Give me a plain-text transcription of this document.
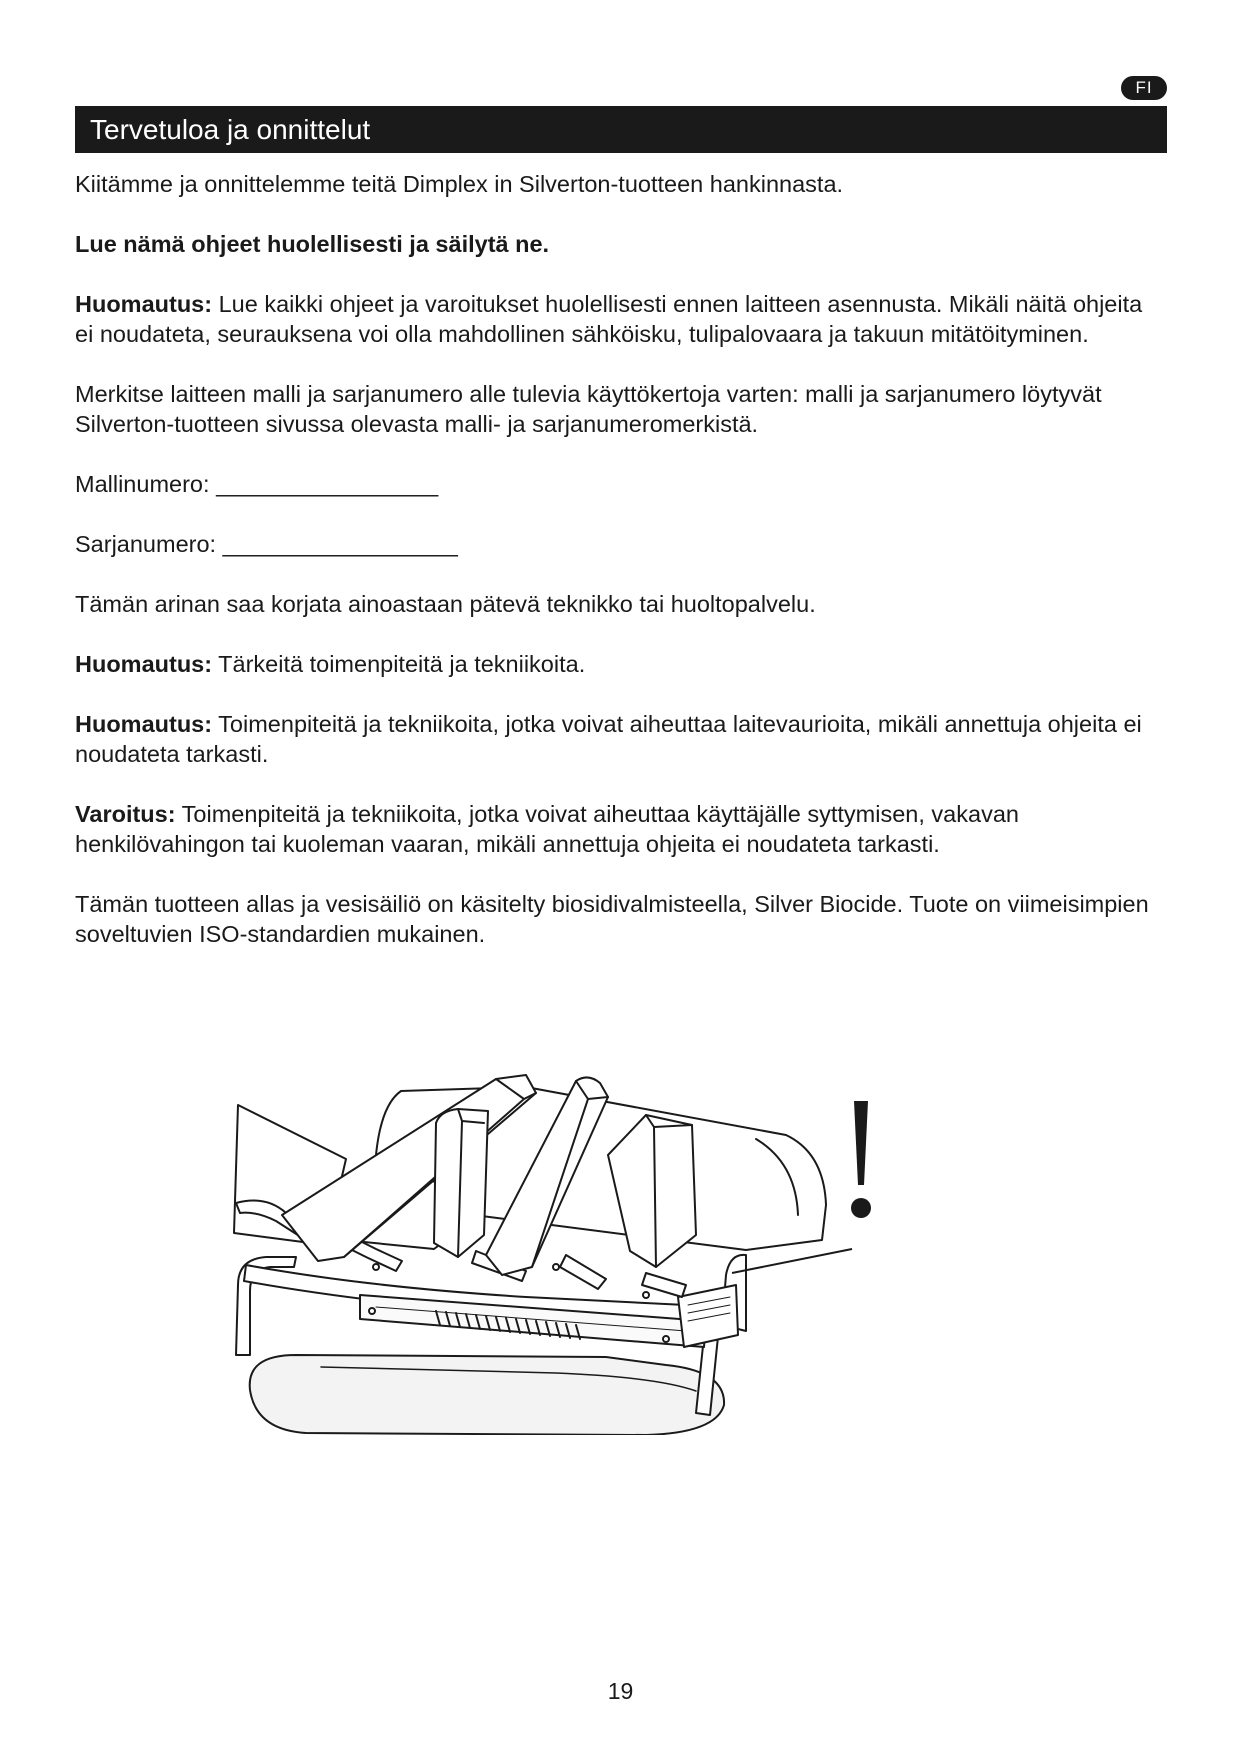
FI
Tervetuloa ja onnittelut

Kiitämme ja onnittelemme teitä Dimplex in Silverton-tuotteen hankinnasta.

Lue nämä ohjeet huolellisesti ja säilytä ne.

Huomautus: Lue kaikki ohjeet ja varoitukset huolellisesti ennen laitteen asennusta. Mikäli näitä ohjeita ei noudateta, seurauksena voi olla mahdollinen sähköisku, tulipalovaara ja takuun mitätöityminen.

Merkitse laitteen malli ja sarjanumero alle tulevia käyttökertoja varten: malli ja sarjanumero löytyvät Silverton-tuotteen sivussa olevasta malli- ja sarjanumeromerkistä.

Mallinumero: _________________

Sarjanumero: __________________

Tämän arinan saa korjata ainoastaan pätevä teknikko tai huoltopalvelu.

Huomautus: Tärkeitä toimenpiteitä ja tekniikoita.

Huomautus: Toimenpiteitä ja tekniikoita, jotka voivat aiheuttaa laitevaurioita, mikäli annettuja ohjeita ei noudateta tarkasti.

Varoitus: Toimenpiteitä ja tekniikoita, jotka voivat aiheuttaa käyttäjälle syttymisen, vakavan henkilövahingon tai kuoleman vaaran, mikäli annettuja ohjeita ei noudateta tarkasti.

Tämän tuotteen allas ja vesisäiliö on käsitelty biosidivalmisteella, Silver Biocide. Tuote on viimeisimpien soveltuvien ISO-standardien mukainen.

19
